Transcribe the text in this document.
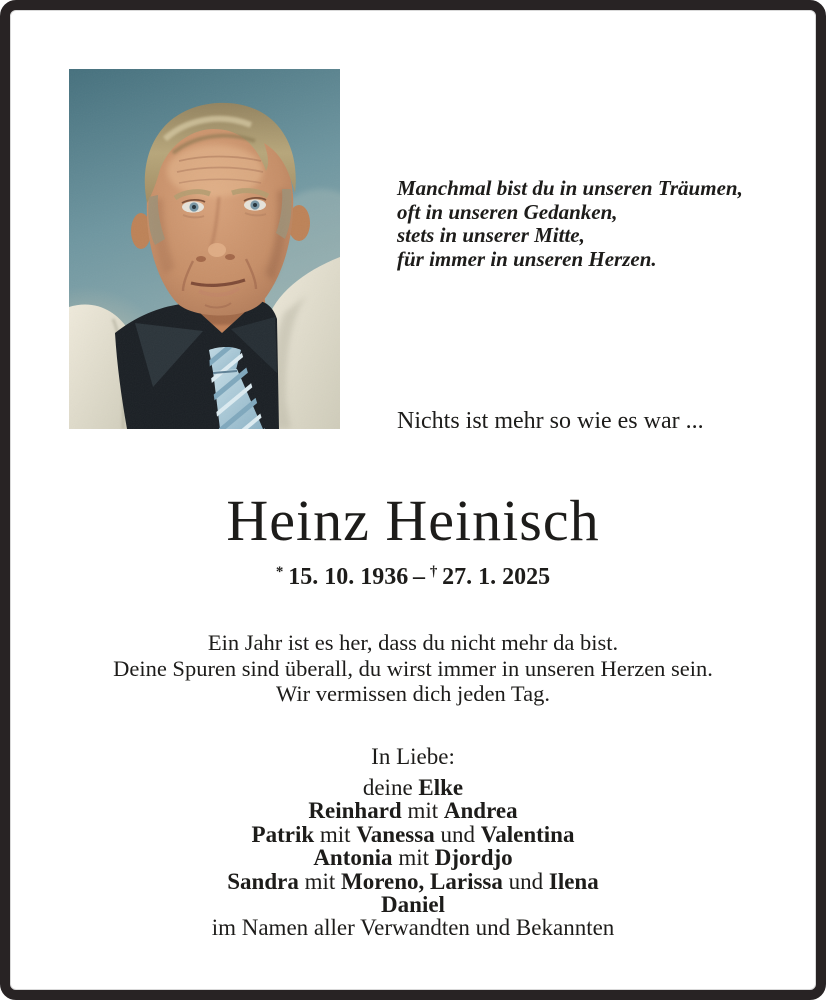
Manchmal bist du in unseren Träumen,
oft in unseren Gedanken,
stets in unserer Mitte,
für immer in unseren Herzen.
Nichts ist mehr so wie es war ...
Heinz Heinisch
*  15. 10. 1936  –  †  27. 1. 2025
Ein Jahr ist es her, dass du nicht mehr da bist.
Deine Spuren sind überall, du wirst immer in unseren Herzen sein.
Wir vermissen dich jeden Tag.
In Liebe:
deine Elke
Reinhard mit Andrea
Patrik mit Vanessa und Valentina
Antonia mit Djordjo
Sandra mit Moreno, Larissa und Ilena
Daniel
im Namen aller Verwandten und Bekannten
